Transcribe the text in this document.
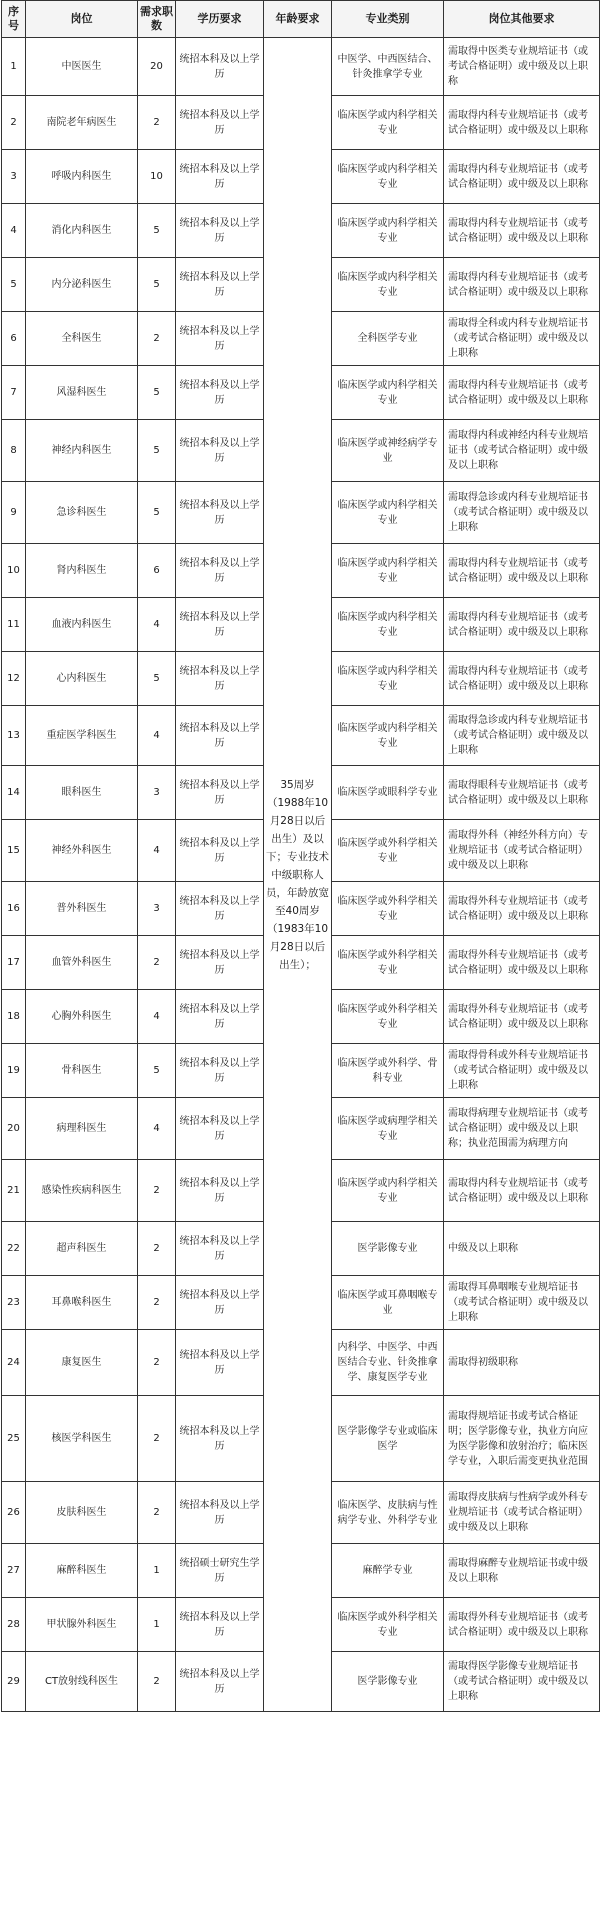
序号	岗位	需求职数	学历要求	年龄要求	专业类别	岗位其他要求
1	中医医生	20	统招本科及以上学历	35周岁（1988年10月28日以后出生）及以下；专业技术中级职称人员，年龄放宽至40周岁（1983年10月28日以后出生）；	中医学、中西医结合、针灸推拿学专业	需取得中医类专业规培证书（或考试合格证明）或中级及以上职称
2	南院老年病医生	2	统招本科及以上学历		临床医学或内科学相关专业	需取得内科专业规培证书（或考试合格证明）或中级及以上职称
3	呼吸内科医生	10	统招本科及以上学历		临床医学或内科学相关专业	需取得内科专业规培证书（或考试合格证明）或中级及以上职称
4	消化内科医生	5	统招本科及以上学历		临床医学或内科学相关专业	需取得内科专业规培证书（或考试合格证明）或中级及以上职称
5	内分泌科医生	5	统招本科及以上学历		临床医学或内科学相关专业	需取得内科专业规培证书（或考试合格证明）或中级及以上职称
6	全科医生	2	统招本科及以上学历		全科医学专业	需取得全科或内科专业规培证书（或考试合格证明）或中级及以上职称
7	风湿科医生	5	统招本科及以上学历		临床医学或内科学相关专业	需取得内科专业规培证书（或考试合格证明）或中级及以上职称
8	神经内科医生	5	统招本科及以上学历		临床医学或神经病学专业	需取得内科或神经内科专业规培证书（或考试合格证明）或中级及以上职称
9	急诊科医生	5	统招本科及以上学历		临床医学或内科学相关专业	需取得急诊或内科专业规培证书（或考试合格证明）或中级及以上职称
10	肾内科医生	6	统招本科及以上学历		临床医学或内科学相关专业	需取得内科专业规培证书（或考试合格证明）或中级及以上职称
11	血液内科医生	4	统招本科及以上学历		临床医学或内科学相关专业	需取得内科专业规培证书（或考试合格证明）或中级及以上职称
12	心内科医生	5	统招本科及以上学历		临床医学或内科学相关专业	需取得内科专业规培证书（或考试合格证明）或中级及以上职称
13	重症医学科医生	4	统招本科及以上学历		临床医学或内科学相关专业	需取得急诊或内科专业规培证书（或考试合格证明）或中级及以上职称
14	眼科医生	3	统招本科及以上学历		临床医学或眼科学专业	需取得眼科专业规培证书（或考试合格证明）或中级及以上职称
15	神经外科医生	4	统招本科及以上学历		临床医学或外科学相关专业	需取得外科（神经外科方向）专业规培证书（或考试合格证明）或中级及以上职称
16	普外科医生	3	统招本科及以上学历		临床医学或外科学相关专业	需取得外科专业规培证书（或考试合格证明）或中级及以上职称
17	血管外科医生	2	统招本科及以上学历		临床医学或外科学相关专业	需取得外科专业规培证书（或考试合格证明）或中级及以上职称
18	心胸外科医生	4	统招本科及以上学历		临床医学或外科学相关专业	需取得外科专业规培证书（或考试合格证明）或中级及以上职称
19	骨科医生	5	统招本科及以上学历		临床医学或外科学、骨科专业	需取得骨科或外科专业规培证书（或考试合格证明）或中级及以上职称
20	病理科医生	4	统招本科及以上学历		临床医学或病理学相关专业	需取得病理专业规培证书（或考试合格证明）或中级及以上职称；执业范围需为病理方向
21	感染性疾病科医生	2	统招本科及以上学历		临床医学或内科学相关专业	需取得内科专业规培证书（或考试合格证明）或中级及以上职称
22	超声科医生	2	统招本科及以上学历		医学影像专业	中级及以上职称
23	耳鼻喉科医生	2	统招本科及以上学历		临床医学或耳鼻咽喉专业	需取得耳鼻咽喉专业规培证书（或考试合格证明）或中级及以上职称
24	康复医生	2	统招本科及以上学历		内科学、中医学、中西医结合专业、针灸推拿学、康复医学专业	需取得初级职称
25	核医学科医生	2	统招本科及以上学历		医学影像学专业或临床医学	需取得规培证书或考试合格证明；医学影像专业，执业方向应为医学影像和放射治疗；临床医学专业，入职后需变更执业范围
26	皮肤科医生	2	统招本科及以上学历		临床医学、皮肤病与性病学专业、外科学专业	需取得皮肤病与性病学或外科专业规培证书（或考试合格证明）或中级及以上职称
27	麻醉科医生	1	统招硕士研究生学历		麻醉学专业	需取得麻醉专业规培证书或中级及以上职称
28	甲状腺外科医生	1	统招本科及以上学历		临床医学或外科学相关专业	需取得外科专业规培证书（或考试合格证明）或中级及以上职称
29	CT放射线科医生	2	统招本科及以上学历		医学影像专业	需取得医学影像专业规培证书（或考试合格证明）或中级及以上职称
